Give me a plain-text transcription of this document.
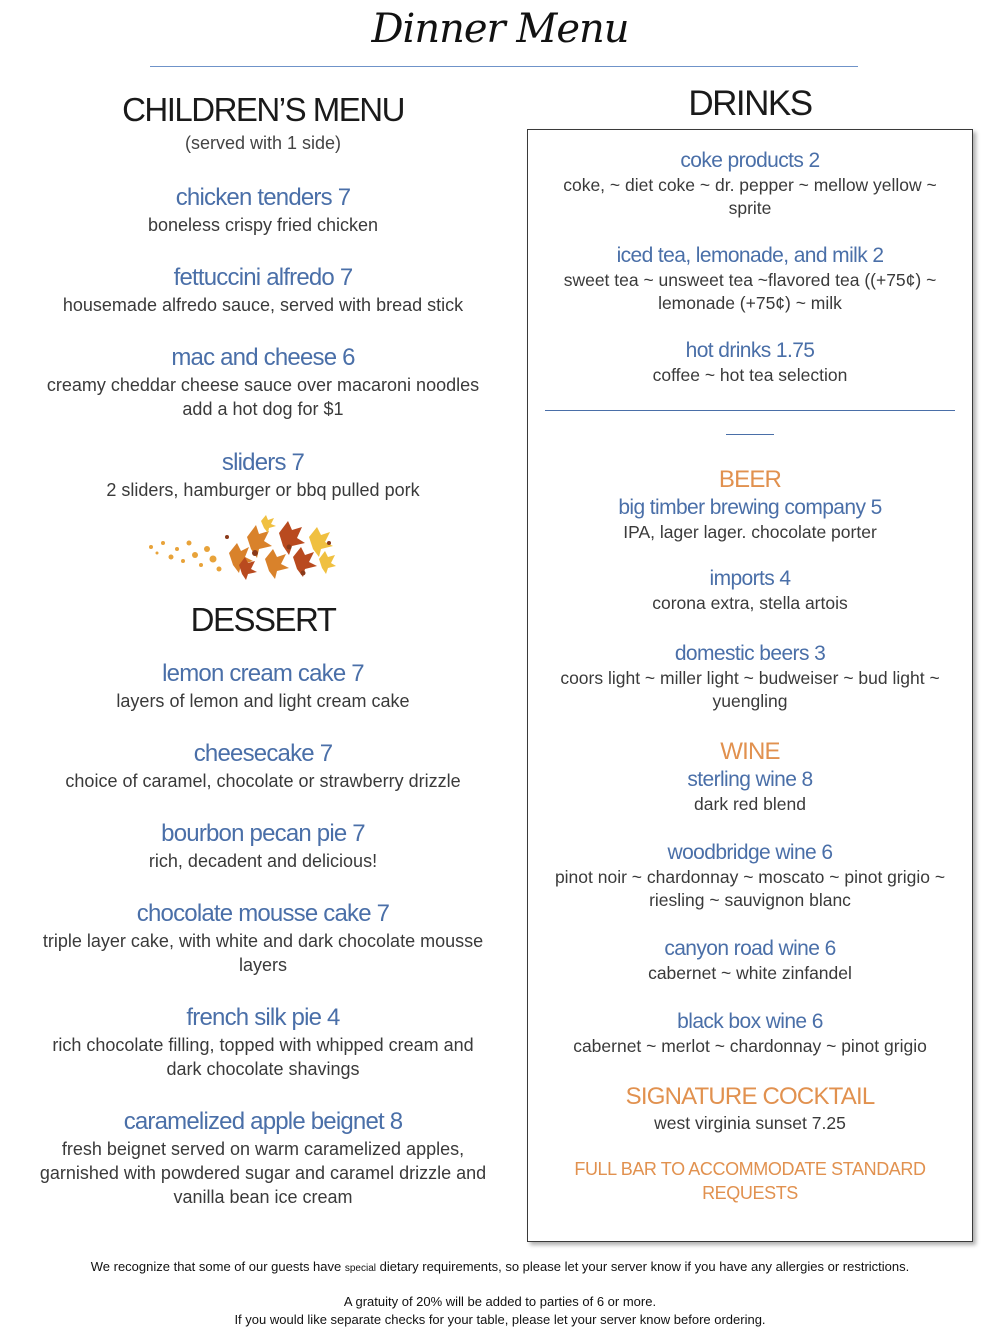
Dinner Menu
CHILDREN’S MENU
(served with 1 side)
chicken tenders 7
boneless crispy fried chicken
fettuccini alfredo 7
housemade alfredo sauce, served with bread stick
mac and cheese 6
creamy cheddar cheese sauce over macaroni noodles
add a hot dog for $1
sliders 7
2 sliders, hamburger or bbq pulled pork
DESSERT
lemon cream cake 7
layers of lemon and light cream cake
cheesecake 7
choice of caramel, chocolate or strawberry drizzle
bourbon pecan pie 7
rich, decadent and delicious!
chocolate mousse cake 7
triple layer cake, with white and dark chocolate mousse
layers
french silk pie 4
rich chocolate filling, topped with whipped cream and
dark chocolate shavings
caramelized apple beignet 8
fresh beignet served on warm caramelized apples,
garnished with powdered sugar and caramel drizzle and
vanilla bean ice cream
DRINKS
coke products 2
coke, ~ diet coke ~ dr. pepper ~ mellow yellow ~
sprite
iced tea, lemonade, and milk 2
sweet tea ~ unsweet tea ~flavored tea ((+75¢) ~
lemonade (+75¢) ~ milk
hot drinks 1.75
coffee ~ hot tea selection
BEER
big timber brewing company 5
IPA, lager lager. chocolate porter
imports 4
corona extra, stella artois
domestic beers 3
coors light ~ miller light ~ budweiser ~ bud light ~
yuengling
WINE
sterling wine 8
dark red blend
woodbridge wine 6
pinot noir ~ chardonnay ~ moscato ~ pinot grigio ~
riesling ~ sauvignon blanc
canyon road wine 6
cabernet ~ white zinfandel
black box wine 6
cabernet ~ merlot ~ chardonnay ~ pinot grigio
SIGNATURE COCKTAIL
west virginia sunset 7.25
FULL BAR TO ACCOMMODATE STANDARD REQUESTS
We recognize that some of our guests have special dietary requirements, so please let your server know if you have any allergies or restrictions.
A gratuity of 20% will be added to parties of 6 or more.
If you would like separate checks for your table, please let your server know before ordering.
